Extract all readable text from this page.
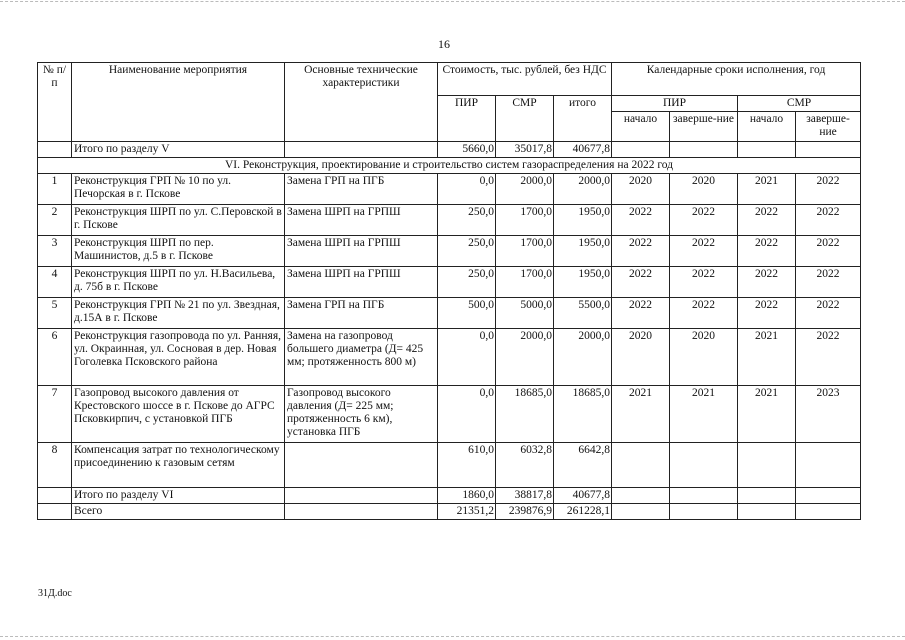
16
№ п/п	Наименование мероприятия	Основные технические характеристики	Стоимость, тыс. рублей, без НДС			Календарные сроки исполнения, год			
			ПИР	СМР	итого	ПИР		СМР	
						начало	заверше-ние	начало	заверше-ние
	Итого по разделу V		5660,0	35017,8	40677,8				
VI. Реконструкция, проектирование и строительство систем газораспределения на 2022 год									
1	Реконструкция ГРП № 10 по ул. Печорская в г. Пскове	Замена ГРП на ПГБ	0,0	2000,0	2000,0	2020	2020	2021	2022
2	Реконструкция ШРП по ул. С.Перовской в г. Пскове	Замена ШРП на ГРПШ	250,0	1700,0	1950,0	2022	2022	2022	2022
3	Реконструкция ШРП по пер. Машинистов, д.5 в г. Пскове	Замена ШРП на ГРПШ	250,0	1700,0	1950,0	2022	2022	2022	2022
4	Реконструкция ШРП по ул. Н.Васильева, д. 75б в г. Пскове	Замена ШРП на ГРПШ	250,0	1700,0	1950,0	2022	2022	2022	2022
5	Реконструкция ГРП № 21 по ул. Звездная, д.15А в г. Пскове	Замена ГРП на ПГБ	500,0	5000,0	5500,0	2022	2022	2022	2022
6	Реконструкция газопровода по ул. Ранняя, ул. Окраинная, ул. Сосновая в дер. Новая Гоголевка Псковского района	Замена на газопровод большего диаметра (Д= 425 мм; протяженность 800 м)	0,0	2000,0	2000,0	2020	2020	2021	2022
7	Газопровод высокого давления от Крестовского шоссе в г. Пскове до АГРС Псковкирпич, с установкой ПГБ	Газопровод высокого давления (Д= 225 мм; протяженность 6 км), установка ПГБ	0,0	18685,0	18685,0	2021	2021	2021	2023
8	Компенсация затрат по технологическому присоединению к газовым сетям		610,0	6032,8	6642,8				
	Итого по разделу VI		1860,0	38817,8	40677,8				
	Всего		21351,2	239876,9	261228,1				
31Д.doc
